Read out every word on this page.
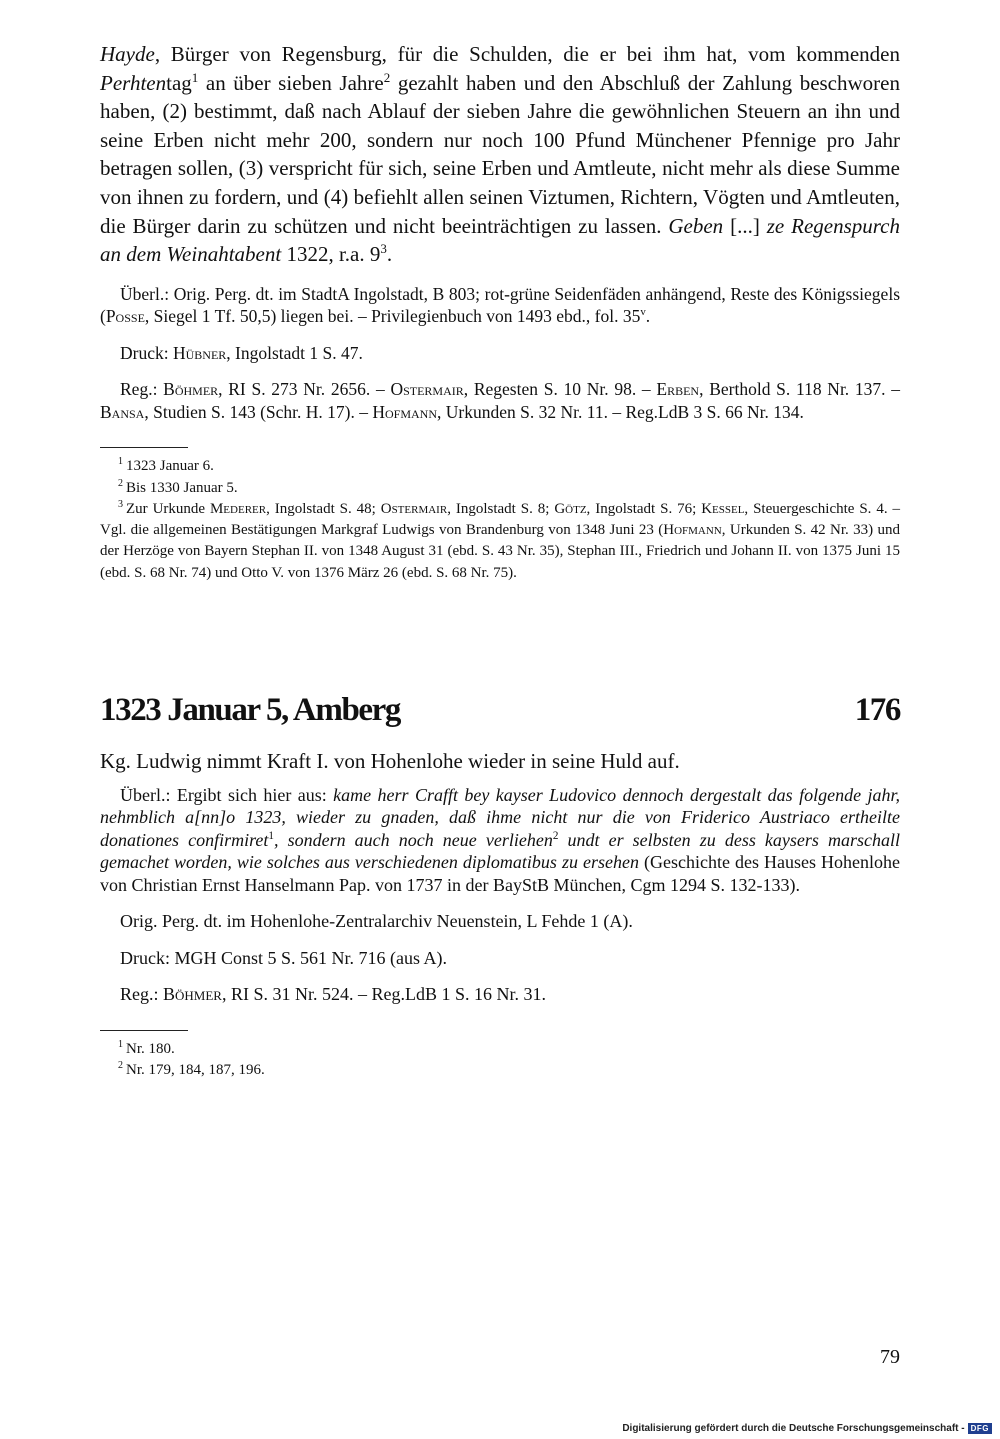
Hayde, Bürger von Regensburg, für die Schulden, die er bei ihm hat, vom kommenden Perhtentag$^1$ an über sieben Jahre$^2$ gezahlt haben und den Abschluß der Zahlung beschworen haben, (2) bestimmt, daß nach Ablauf der sieben Jahre die gewöhnlichen Steuern an ihn und seine Erben nicht mehr 200, sondern nur noch 100 Pfund Münchener Pfennige pro Jahr betragen sollen, (3) verspricht für sich, seine Erben und Amtleute, nicht mehr als diese Summe von ihnen zu fordern, und (4) befiehlt allen seinen Viztumen, Richtern, Vögten und Amtleuten, die Bürger darin zu schützen und nicht beeinträchtigen zu lassen. Geben [...] ze Regenspurch an dem Weinahtabent 1322, r.a. $9^3$.

Überl.: Orig. Perg. dt. im StadtA Ingolstadt, B 803; rot-grüne Seidenfäden anhängend, Reste des Königssiegels (Posse, Siegel 1 Tf. 50,5) liegen bei. – Privilegienbuch von 1493 ebd., fol. 35$^v$.

Druck: Hübner, Ingolstadt 1 S. 47.

Reg.: Böhmer, RI S. 273 Nr. 2656. – Ostermair, Regesten S. 10 Nr. 98. – Erben, Berthold S. 118 Nr. 137. – Bansa, Studien S. 143 (Schr. H. 17). – Hofmann, Urkunden S. 32 Nr. 11. – Reg.LdB 3 S. 66 Nr. 134.

$^1$ 1323 Januar 6.
$^2$ Bis 1330 Januar 5.
$^3$ Zur Urkunde Mederer, Ingolstadt S. 48; Ostermair, Ingolstadt S. 8; Götz, Ingolstadt S. 76; Kessel, Steuergeschichte S. 4. – Vgl. die allgemeinen Bestätigungen Markgraf Ludwigs von Brandenburg von 1348 Juni 23 (Hofmann, Urkunden S. 42 Nr. 33) und der Herzöge von Bayern Stephan II. von 1348 August 31 (ebd. S. 43 Nr. 35), Stephan III., Friedrich und Johann II. von 1375 Juni 15 (ebd. S. 68 Nr. 74) und Otto V. von 1376 März 26 (ebd. S. 68 Nr. 75).
1323 Januar 5, Amberg	176

Kg. Ludwig nimmt Kraft I. von Hohenlohe wieder in seine Huld auf.

Überl.: Ergibt sich hier aus: kame herr Crafft bey kayser Ludovico dennoch dergestalt das folgende jahr, nehmblich a[nn]o 1323, wieder zu gnaden, daß ihme nicht nur die von Friderico Austriaco ertheilte donationes confirmiret$^1$, sondern auch noch neue verliehen$^2$ undt er selbsten zu dess kaysers marschall gemachet worden, wie solches aus verschiedenen diplomatibus zu ersehen (Geschichte des Hauses Hohenlohe von Christian Ernst Hanselmann Pap. von 1737 in der BayStB München, Cgm 1294 S. 132-133).

Orig. Perg. dt. im Hohenlohe-Zentralarchiv Neuenstein, L Fehde 1 (A).

Druck: MGH Const 5 S. 561 Nr. 716 (aus A).

Reg.: Böhmer, RI S. 31 Nr. 524. – Reg.LdB 1 S. 16 Nr. 31.

$^1$ Nr. 180.
$^2$ Nr. 179, 184, 187, 196.
79
Digitalisierung gefördert durch die Deutsche Forschungsgemeinschaft - DFG
